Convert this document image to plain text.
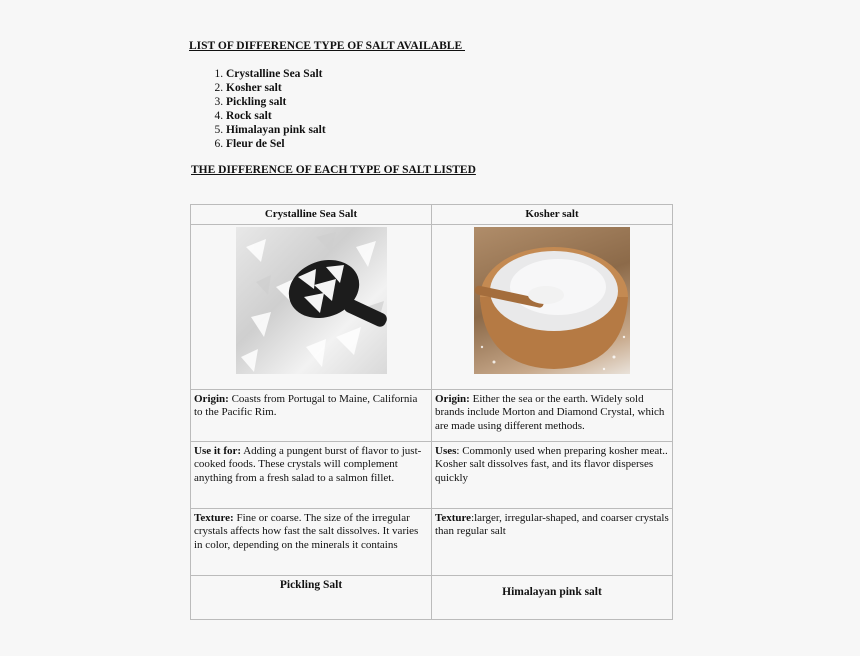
LIST OF DIFFERENCE TYPE OF SALT AVAILABLE
1. Crystalline Sea Salt
2. Kosher salt
3. Pickling salt
4. Rock salt
5. Himalayan pink salt
6. Fleur de Sel
THE DIFFERENCE OF EACH TYPE OF SALT LISTED
Crystalline Sea Salt	Kosher salt

Origin: Coasts from Portugal to Maine, California to the Pacific Rim.	Origin: Either the sea or the earth. Widely sold brands include Morton and Diamond Crystal, which are made using different methods.
Use it for: Adding a pungent burst of flavor to just-cooked foods. These crystals will complement anything from a fresh salad to a salmon fillet.	Uses: Commonly used when preparing kosher meat.. Kosher salt dissolves fast, and its flavor disperses quickly
Texture: Fine or coarse. The size of the irregular crystals affects how fast the salt dissolves. It varies in color, depending on the minerals it contains	Texture:larger, irregular-shaped, and coarser crystals than regular salt
Pickling Salt	Himalayan pink salt
